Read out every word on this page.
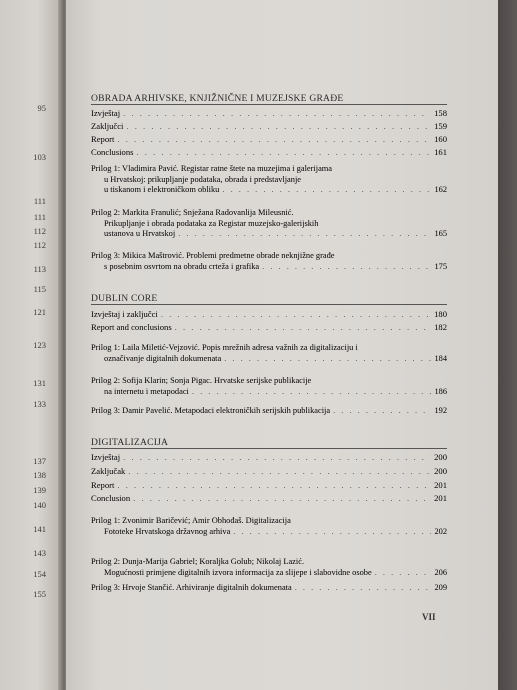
95
103
111
111
112
112
113
115
121
123
131
133
137
138
139
140
141
143
154
155
OBRADA ARHIVSKE, KNJIŽNIČNE I MUZEJSKE GRAĐE
Izvještaj . . .	158
Zaključci . . .	159
Report . . .	160
Conclusions . . .	161
Prilog 1: Vladimira Pavić. Registar ratne štete na muzejima i galerijama
u Hrvatskoj: prikupljanje podataka, obrada i predstavljanje
u tiskanom i elektroničkom obliku . . .	162
Prilog 2: Markita Franulić; Snježana Radovanlija Mileusnić.
Prikupljanje i obrada podataka za Registar muzejsko-galerijskih
ustanova u Hrvatskoj . . .	165
Prilog 3: Mikica Maštrović. Problemi predmetne obrade neknjižne građe
s posebnim osvrtom na obradu crteža i grafika . . .	175
DUBLIN CORE
Izvještaj i zaključci . . .	180
Report and conclusions . . .	182
Prilog 1: Laila Miletić-Vejzović. Popis mrežnih adresa važnih za digitalizaciju i
označivanje digitalnih dokumenata . . .	184
Prilog 2: Sofija Klarin; Sonja Pigac. Hrvatske serijske publikacije
na internetu i metapodaci . . .	186
Prilog 3: Damir Pavelić. Metapodaci elektroničkih serijskih publikacija . . .	192
DIGITALIZACIJA
Izvještaj . . .	200
Zaključak . . .	200
Report . . .	201
Conclusion . . .	201
Prilog 1: Zvonimir Baričević; Amir Obhođaš. Digitalizacija
Fototeke Hrvatskoga državnog arhiva . . .	202
Prilog 2: Dunja-Marija Gabriel; Koraljka Golub; Nikolaj Lazić.
Mogućnosti primjene digitalnih izvora informacija za slijepe i slabovidne osobe . . .	206
Prilog 3: Hrvoje Stančić. Arhiviranje digitalnih dokumenata . . .	209
VII
